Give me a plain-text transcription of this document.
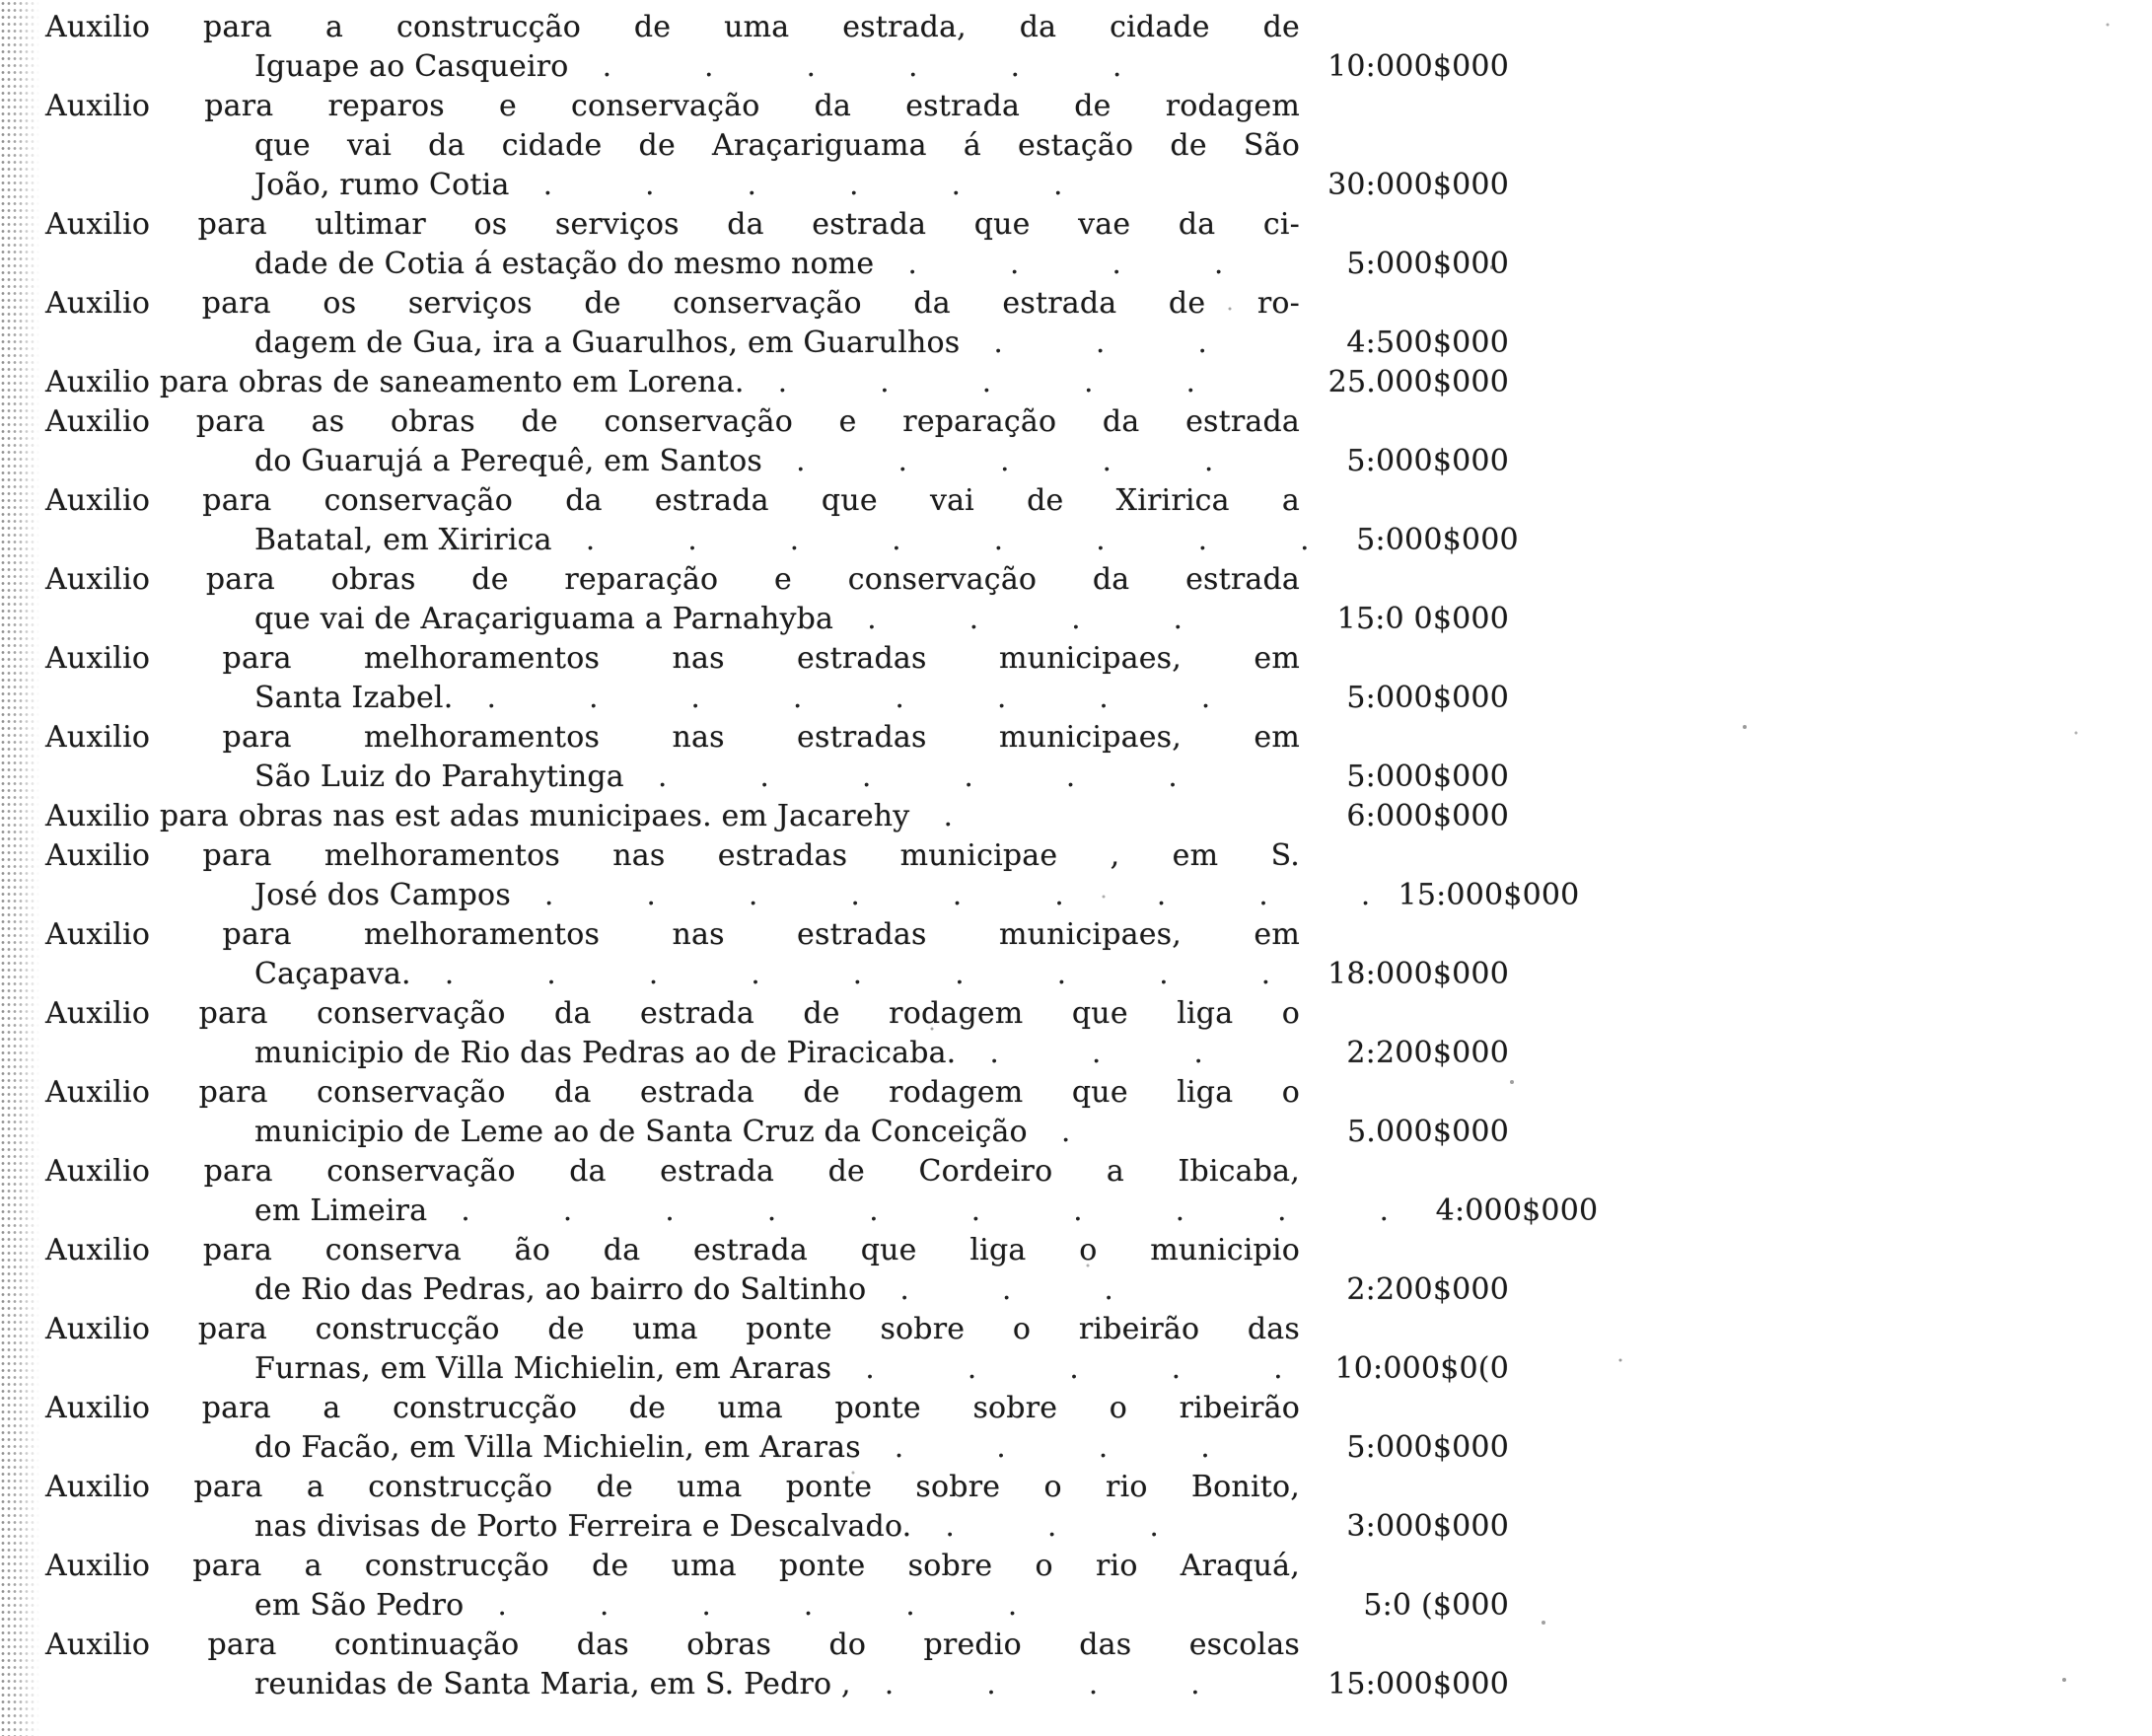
Auxilio para a construcção de uma estrada, da cidade de
Iguape ao Casqueiro . . . . . .	10:000$000
Auxilio para reparos e conservação da estrada de rodagem
que vai da cidade de Araçariguama á estação de São
João, rumo Cotia . . . . . .	30:000$000
Auxilio para ultimar os serviços da estrada que vae da ci-
dade de Cotia á estação do mesmo nome . . . .	5:000$000
Auxilio para os serviços de conservação da estrada de ro-
dagem de Gua, ira a Guarulhos, em Guarulhos . . .	4:500$000
Auxilio para obras de saneamento em Lorena. . . . . .	25.000$000
Auxilio para as obras de conservação e reparação da estrada
do Guarujá a Perequê, em Santos . . . . .	5:000$000
Auxilio para conservação da estrada que vai de Xiririca a
Batatal, em Xiririca . . . . . . . .	5:000$000
Auxilio para obras de reparação e conservação da estrada
que vai de Araçariguama a Parnahyba . . . .	15:0 0$000
Auxilio para melhoramentos nas estradas municipaes, em
Santa Izabel. . . . . . . . .	5:000$000
Auxilio para melhoramentos nas estradas municipaes, em
São Luiz do Parahytinga . . . . . .	5:000$000
Auxilio para obras nas est adas municipaes. em Jacarehy .	6:000$000
Auxilio para melhoramentos nas estradas municipae , em S.
José dos Campos . . . . . . . . . 15:000$000
Auxilio para melhoramentos nas estradas municipaes, em
Caçapava. . . . . . . . . .	18:000$000
Auxilio para conservação da estrada de rodagem que liga o
municipio de Rio das Pedras ao de Piracicaba. . . .	2:200$000
Auxilio para conservação da estrada de rodagem que liga o
municipio de Leme ao de Santa Cruz da Conceição .	5.000$000
Auxilio para conservação da estrada de Cordeiro a Ibicaba,
em Limeira . . . . . . . . . .	4:000$000
Auxilio para conserva ão da estrada que liga o municipio
de Rio das Pedras, ao bairro do Saltinho . . .	2:200$000
Auxilio para construcção de uma ponte sobre o ribeirão das
Furnas, em Villa Michielin, em Araras . . . . .	10:000$0(0
Auxilio para a construcção de uma ponte sobre o ribeirão
do Facão, em Villa Michielin, em Araras . . . .	5:000$000
Auxilio para a construcção de uma ponte sobre o rio Bonito,
nas divisas de Porto Ferreira e Descalvado. . . .	3:000$000
Auxilio para a construcção de uma ponte sobre o rio Araquá,
em São Pedro . . . . . .	5:0 ($000
Auxilio para continuação das obras do predio das escolas
reunidas de Santa Maria, em S. Pedro , . . . .	15:000$000
